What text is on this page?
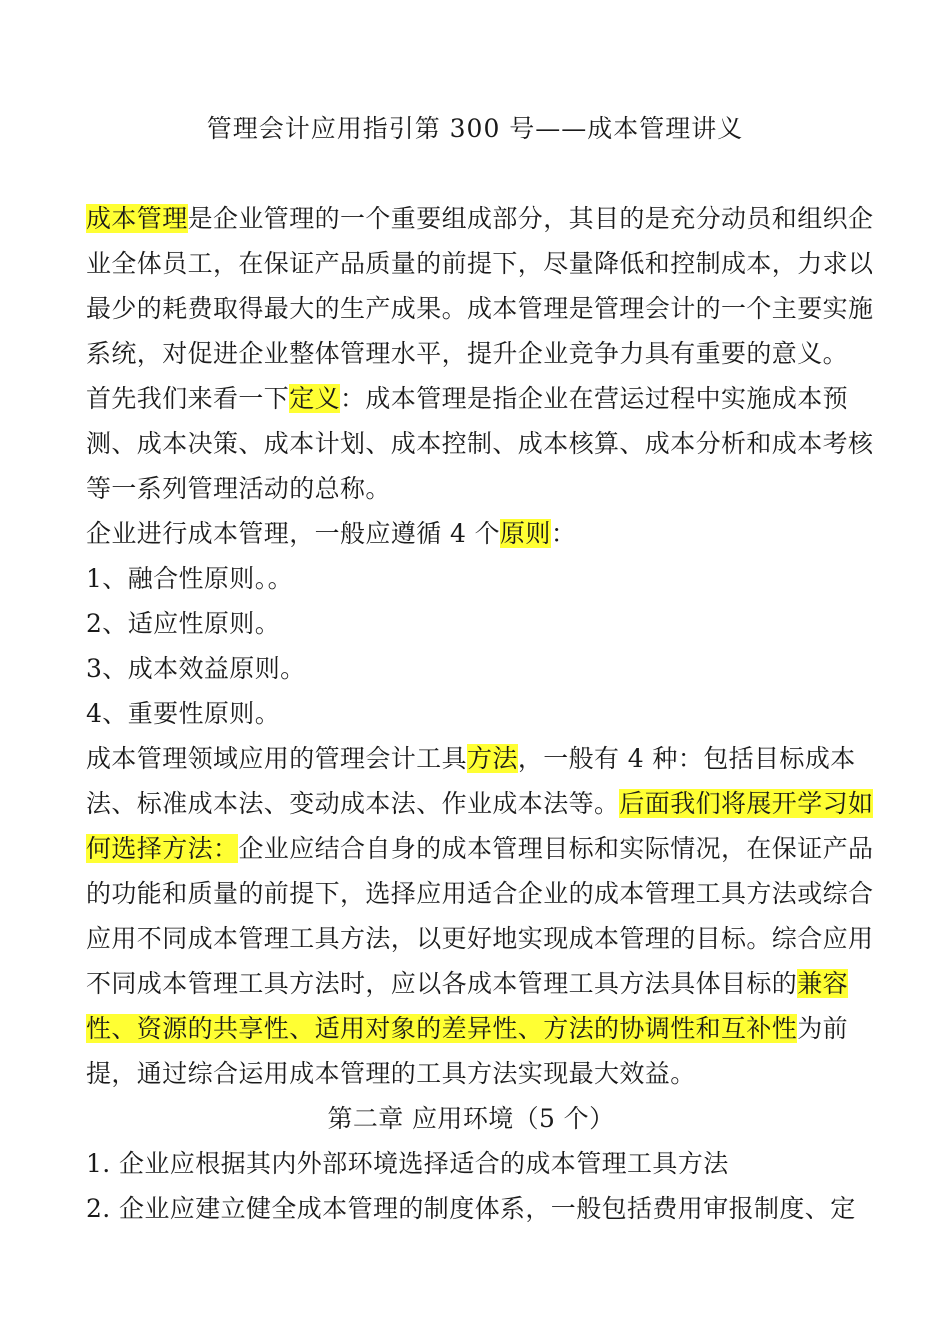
管理会计应用指引第 300 号——成本管理讲义

成本管理是企业管理的一个重要组成部分，其目的是充分动员和组织企业全体员工，在保证产品质量的前提下，尽量降低和控制成本，力求以最少的耗费取得最大的生产成果。成本管理是管理会计的一个主要实施系统，对促进企业整体管理水平，提升企业竞争力具有重要的意义。

首先我们来看一下定义：成本管理是指企业在营运过程中实施成本预测、成本决策、成本计划、成本控制、成本核算、成本分析和成本考核等一系列管理活动的总称。

企业进行成本管理，一般应遵循 4 个原则：

1、融合性原则。。

2、适应性原则。

3、成本效益原则。

4、重要性原则。

成本管理领域应用的管理会计工具方法，一般有 4 种：包括目标成本法、标准成本法、变动成本法、作业成本法等。后面我们将展开学习如何选择方法：企业应结合自身的成本管理目标和实际情况，在保证产品的功能和质量的前提下，选择应用适合企业的成本管理工具方法或综合应用不同成本管理工具方法，以更好地实现成本管理的目标。综合应用不同成本管理工具方法时，应以各成本管理工具方法具体目标的兼容性、资源的共享性、适用对象的差异性、方法的协调性和互补性为前提，通过综合运用成本管理的工具方法实现最大效益。

第二章 应用环境（5 个）

1. 企业应根据其内外部环境选择适合的成本管理工具方法

2. 企业应建立健全成本管理的制度体系，一般包括费用审报制度、定
